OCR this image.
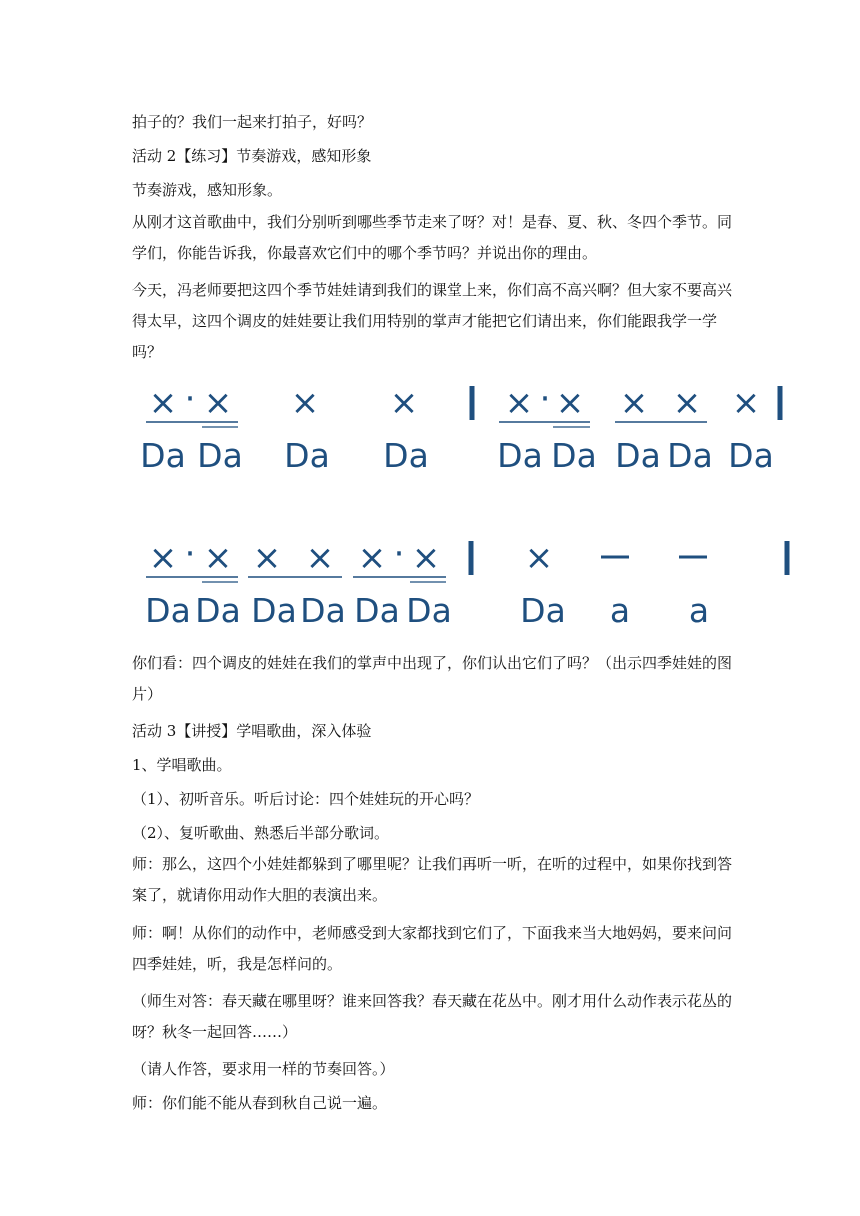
拍子的？我们一起来打拍子，好吗？

活动 2【练习】节奏游戏，感知形象

节奏游戏，感知形象。

从刚才这首歌曲中，我们分别听到哪些季节走来了呀？对！是春、夏、秋、冬四个季节。同学们，你能告诉我，你最喜欢它们中的哪个季节吗？并说出你的理由。

今天，冯老师要把这四个季节娃娃请到我们的课堂上来，你们高不高兴啊？但大家不要高兴得太早，这四个调皮的娃娃要让我们用特别的掌声才能把它们请出来，你们能跟我学一学吗？

× · × × ×	× · × × × ×
Da Da Da Da Da Da Da Da Da
× · × × × × · × ×
Da Da Da Da Da Da Da a a

你们看：四个调皮的娃娃在我们的掌声中出现了，你们认出它们了吗？（出示四季娃娃的图片）

活动 3【讲授】学唱歌曲，深入体验

1、学唱歌曲。

（1）、初听音乐。听后讨论：四个娃娃玩的开心吗？

（2）、复听歌曲、熟悉后半部分歌词。

师：那么，这四个小娃娃都躲到了哪里呢？让我们再听一听，在听的过程中，如果你找到答案了，就请你用动作大胆的表演出来。

师：啊！从你们的动作中，老师感受到大家都找到它们了，下面我来当大地妈妈，要来问问四季娃娃，听，我是怎样问的。

（师生对答：春天藏在哪里呀？谁来回答我？春天藏在花丛中。刚才用什么动作表示花丛的呀？秋冬一起回答……）

（请人作答，要求用一样的节奏回答。）

师：你们能不能从春到秋自己说一遍。
